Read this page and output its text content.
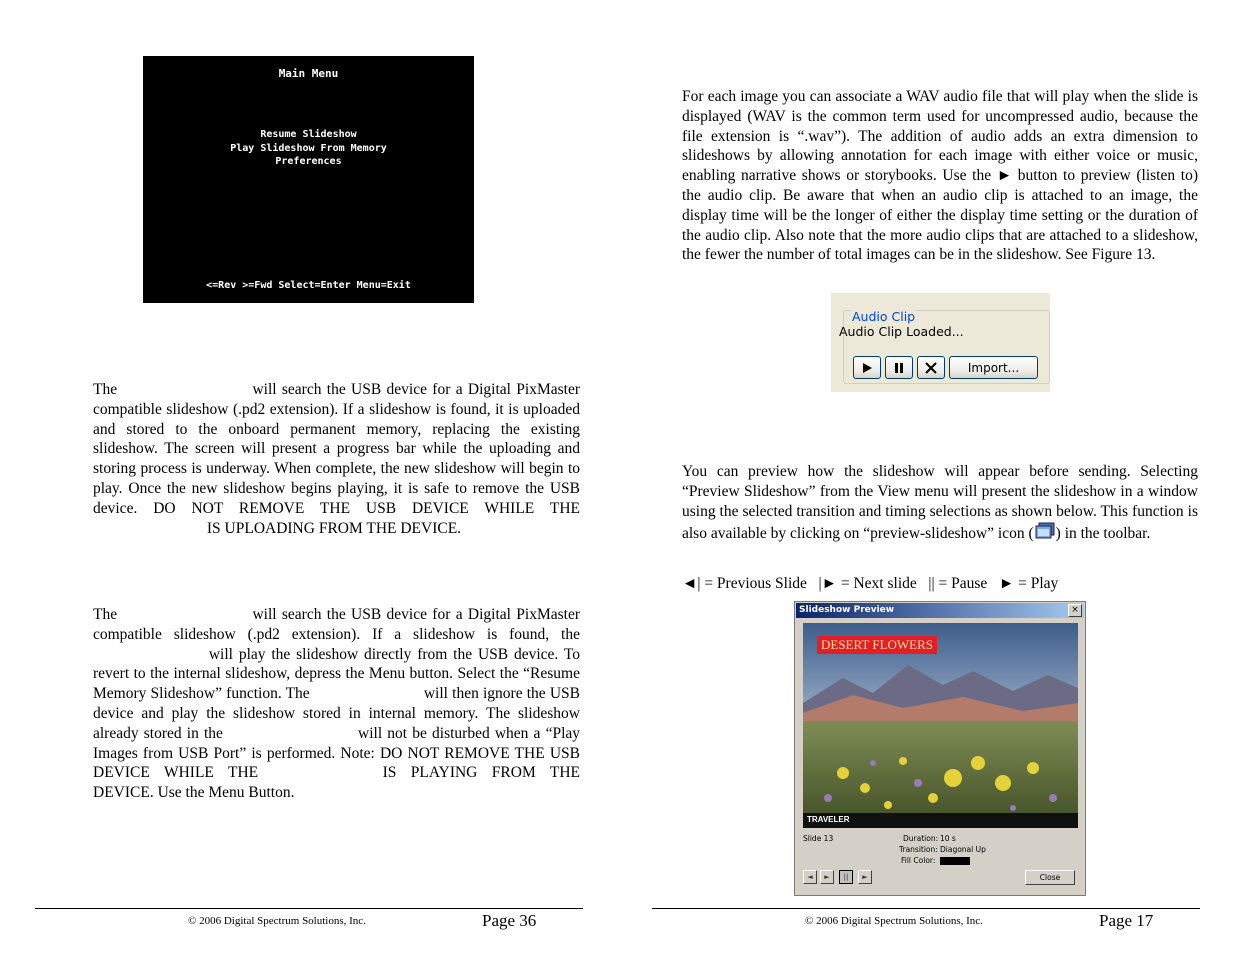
Main Menu
Resume Slideshow
Play Slideshow From Memory
Preferences
<=Rev >=Fwd Select=Enter Menu=Exit

The	will search the USB device for a Digital PixMaster compatible slideshow (.pd2 extension). If a slideshow is found, it is uploaded and stored to the onboard permanent memory, replacing the existing slideshow. The screen will present a progress bar while the uploading and storing process is underway. When complete, the new slideshow will begin to play. Once the new slideshow begins playing, it is safe to remove the USB device. DO NOT REMOVE THE USB DEVICE WHILE THE IS UPLOADING FROM THE DEVICE.

The	will search the USB device for a Digital PixMaster compatible slideshow (.pd2 extension). If a slideshow is found, the will play the slideshow directly from the USB device. To revert to the internal slideshow, depress the Menu button. Select the “Resume Memory Slideshow” function. The	will then ignore the USB device and play the slideshow stored in internal memory. The slideshow already stored in the	will not be disturbed when a “Play Images from USB Port” is performed. Note: DO NOT REMOVE THE USB DEVICE WHILE THE	IS PLAYING FROM THE DEVICE. Use the Menu Button.

© 2006 Digital Spectrum Solutions, Inc.	Page 36

For each image you can associate a WAV audio file that will play when the slide is displayed (WAV is the common term used for uncompressed audio, because the file extension is “.wav”). The addition of audio adds an extra dimension to slideshows by allowing annotation for each image with either voice or music, enabling narrative shows or storybooks. Use the ► button to preview (listen to) the audio clip. Be aware that when an audio clip is attached to an image, the display time will be the longer of either the display time setting or the duration of the audio clip. Also note that the more audio clips that are attached to a slideshow, the fewer the number of total images can be in the slideshow. See Figure 13.

Audio Clip
Audio Clip Loaded...
Import...

You can preview how the slideshow will appear before sending. Selecting “Preview Slideshow” from the View menu will present the slideshow in a window using the selected transition and timing selections as shown below. This function is also available by clicking on “preview-slideshow” icon ( ) in the toolbar.

◄| = Previous Slide   |► = Next slide   || = Pause   ► = Play
Slideshow Preview	×
DESERT FLOWERS
TRAVELER
Slide 13	Duration: 10 s
Transition: Diagonal Up
Fill Color:
◄	►	||	►	Close
© 2006 Digital Spectrum Solutions, Inc.	Page 17
